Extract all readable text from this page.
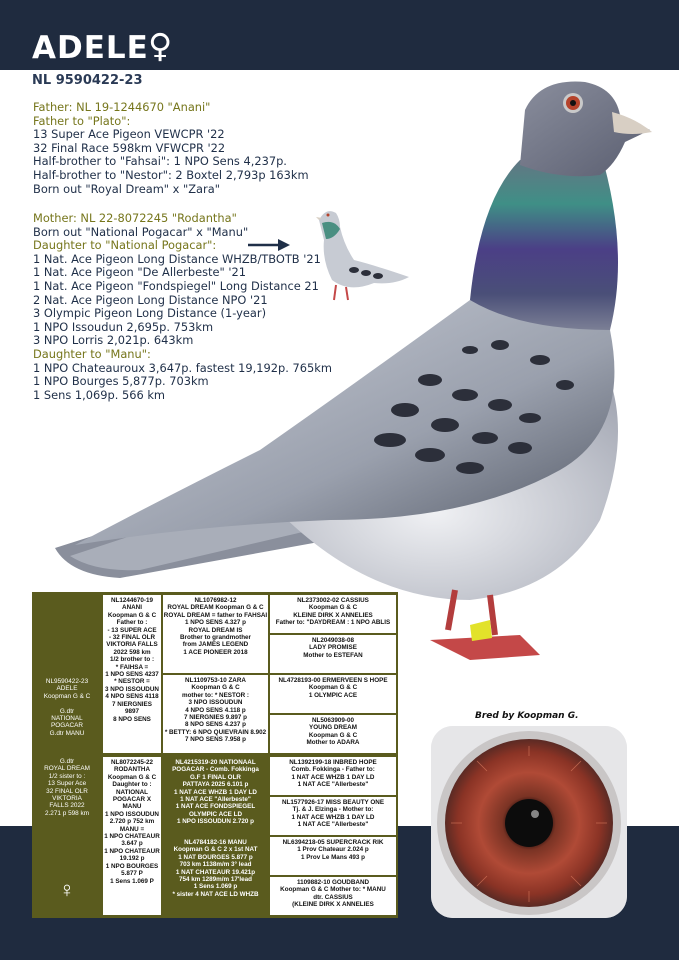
ADELE ♀
NL 9590422-23
Father: NL 19-1244670 "Anani"
Father to "Plato":
13 Super Ace Pigeon VEWCPR '22
32 Final Race 598km VFWCPR '22
Half-brother to "Fahsai": 1 NPO Sens 4,237p.
Half-brother to "Nestor": 2 Boxtel 2,793p 163km
Born out "Royal Dream" x "Zara"
Mother: NL 22-8072245 "Rodantha"
Born out "National Pogacar" x "Manu"
Daughter to "National Pogacar":
1 Nat. Ace Pigeon Long Distance WHZB/TBOTB '21
1 Nat. Ace Pigeon "De Allerbeste" '21
1 Nat. Ace Pigeon "Fondspiegel" Long Distance 21
2 Nat. Ace Pigeon Long Distance NPO '21
3 Olympic Pigeon Long Distance (1-year)
1 NPO Issoudun 2,695p. 753km
3 NPO Lorris 2,021p. 643km
Daughter to "Manu":
1 NPO Chateauroux 3,647p. fastest 19,192p. 765km
1 NPO Bourges 5,877p. 703km
1 Sens 1,069p. 566 km
NL9590422-23
ADELE
Koopman G & C

G.dtr
NATIONAL
POGACAR
G.dtr MANU
G.dtr
ROYAL DREAM
1/2 sister to :
13 Super Ace
32 FINAL OLR
VIKTORIA
FALLS 2022
2.271 p 598 km
♀
NL1244670-19
ANANI
Koopman G & C
Father to :
- 13 SUPER ACE
- 32 FINAL OLR
VIKTORIA FALLS
2022 598 km
1/2 brother to :
* FAIHSA =
1 NPO SENS 4237
* NESTOR =
3 NPO ISSOUDUN
4 NPO SENS 4118
7 NIERGNIES
9897
8 NPO SENS
NL8072245-22
RODANTHA
Koopman G & C
Daughter to :
NATIONAL
POGACAR X
MANU
1 NPO ISSOUDUN
2.720 p 752 km
MANU =
1 NPO CHATEAUR
3.647 p
1 NPO CHATEAUR
19.192 p
1 NPO BOURGES
5.877 P
1 Sens 1.069 P
NL1076982-12
ROYAL DREAM Koopman G & C
ROYAL DREAM = father to FAHSAI
1 NPO SENS 4.327 p
ROYAL DREAM IS
Brother to grandmother
from JAMES LEGEND
1 ACE PIONEER 2018
NL1109753-10 ZARA
Koopman G & C
mother to: * NESTOR :
3 NPO ISSOUDUN
4 NPO SENS 4.118 p
7 NIERGNIES 9.897 p
8 NPO SENS 4.237 p
* BETTY: 6 NPO QUIEVRAIN 8.902
7 NPO SENS 7.958 p
NL4215319-20 NATIONAAL
POGACAR - Comb. Fokkinga
G.F 1 FINAL OLR
PATTAYA 2025 6.101 p
1 NAT ACE WHZB 1 DAY LD
1 NAT ACE "Allerbeste"
1 NAT ACE FONDSPIEGEL
OLYMPIC ACE LD
1 NPO ISSOUDUN 2.720 p
NL4784182-16 MANU
Koopman G & C 2 x 1st NAT
1 NAT BOURGES 5.877 p
703 km 1138m/m 3° lead
1 NAT CHATEAUR 19.421p
754 km 1289m/m 17'lead
1 Sens 1.069 p
* sister 4 NAT ACE LD WHZB
NL2373002-02 CASSIUS
Koopman G & C
KLEINE DIRK X ANNELIES
Father to: "DAYDREAM : 1 NPO ABLIS
NL2049038-08
LADY PROMISE
Mother to ESTEFAN
NL4728193-00 ERMERVEEN S HOPE
Koopman G & C
1 OLYMPIC ACE
NL5063909-00
YOUNG DREAM
Koopman G & C
Mother to ADARA
NL1392199-18 INBRED HOPE
Comb. Fokkinga - Father to:
1 NAT ACE WHZB 1 DAY LD
1 NAT ACE "Allerbeste"
NL1577926-17 MISS BEAUTY ONE
Tj. & J. Elzinga - Mother to:
1 NAT ACE WHZB 1 DAY LD
1 NAT ACE "Allerbeste"
NL6394218-05 SUPERCRACK RIK
1 Prov Chateaur 2.024 p
1 Prov Le Mans 493 p
1109882-10 GOUDBAND
Koopman G & C Mother to: * MANU
dtr. CASSIUS
(KLEINE DIRK X ANNELIES
Bred by Koopman G.
